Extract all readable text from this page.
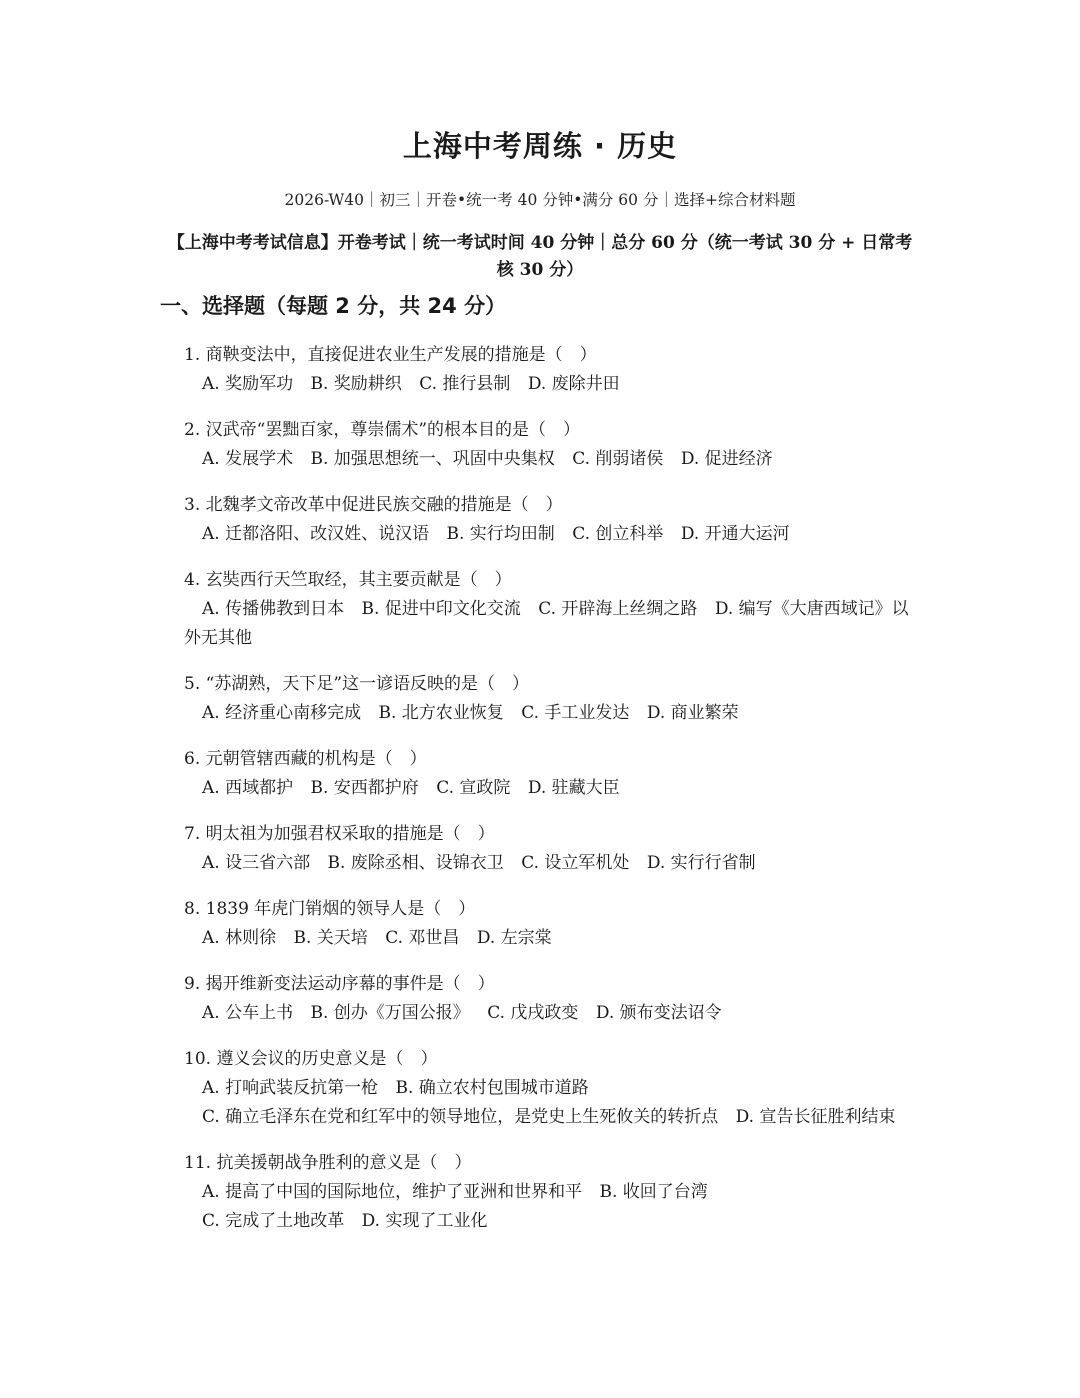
上海中考周练 · 历史
2026-W40｜初三｜开卷•统一考 40 分钟•满分 60 分｜选择+综合材料题
【上海中考考试信息】开卷考试｜统一考试时间 40 分钟｜总分 60 分（统一考试 30 分 + 日常考核 30 分）
一、选择题（每题 2 分，共 24 分）
1. 商鞅变法中，直接促进农业生产发展的措施是（　）
A. 奖励军功 B. 奖励耕织 C. 推行县制 D. 废除井田
2. 汉武帝“罢黜百家，尊崇儒术”的根本目的是（　）
A. 发展学术 B. 加强思想统一、巩固中央集权 C. 削弱诸侯 D. 促进经济
3. 北魏孝文帝改革中促进民族交融的措施是（　）
A. 迁都洛阳、改汉姓、说汉语 B. 实行均田制 C. 创立科举 D. 开通大运河
4. 玄奘西行天竺取经，其主要贡献是（　）
A. 传播佛教到日本 B. 促进中印文化交流 C. 开辟海上丝绸之路 D. 编写《大唐西域记》以外无其他
5. “苏湖熟，天下足”这一谚语反映的是（　）
A. 经济重心南移完成 B. 北方农业恢复 C. 手工业发达 D. 商业繁荣
6. 元朝管辖西藏的机构是（　）
A. 西域都护 B. 安西都护府 C. 宣政院 D. 驻藏大臣
7. 明太祖为加强君权采取的措施是（　）
A. 设三省六部 B. 废除丞相、设锦衣卫 C. 设立军机处 D. 实行行省制
8. 1839 年虎门销烟的领导人是（　）
A. 林则徐 B. 关天培 C. 邓世昌 D. 左宗棠
9. 揭开维新变法运动序幕的事件是（　）
A. 公车上书 B. 创办《万国公报》 C. 戊戌政变 D. 颁布变法诏令
10. 遵义会议的历史意义是（　）
A. 打响武装反抗第一枪 B. 确立农村包围城市道路
C. 确立毛泽东在党和红军中的领导地位，是党史上生死攸关的转折点 D. 宣告长征胜利结束
11. 抗美援朝战争胜利的意义是（　）
A. 提高了中国的国际地位，维护了亚洲和世界和平 B. 收回了台湾
C. 完成了土地改革 D. 实现了工业化
